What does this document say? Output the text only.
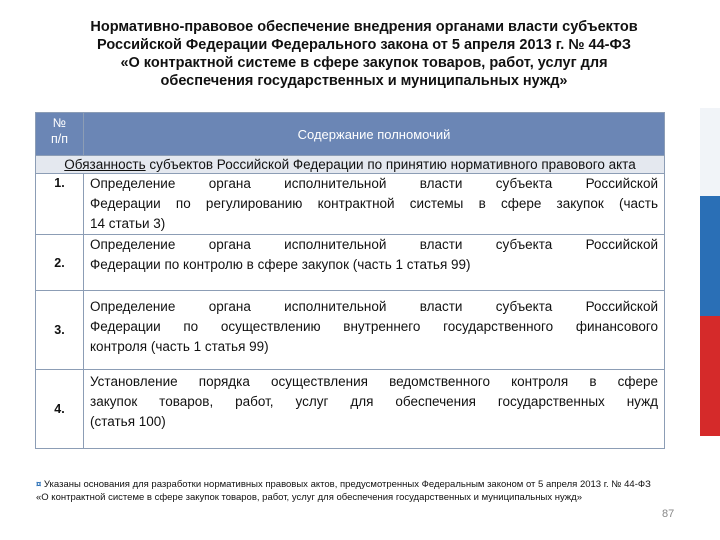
Нормативно-правовое обеспечение внедрения органами власти субъектов
Российской Федерации Федерального закона от 5 апреля 2013 г. № 44-ФЗ
«О контрактной системе в сфере закупок товаров, работ, услуг для
обеспечения государственных и муниципальных нужд»
№
п/п	Содержание полномочий
Обязанность субъектов Российской Федерации по принятию нормативного правового акта	
1.	Определение органа исполнительной власти субъекта Российской
Федерации по регулированию контрактной системы в сфере закупок (часть
14 статьи 3)

2.	Определение органа исполнительной власти субъекта Российской
Федерации по контролю в сфере закупок (часть 1 статья 99)

3.	Определение органа исполнительной власти субъекта Российской
Федерации по осуществлению внутреннего государственного финансового
контроля (часть 1 статья 99)

4.	Установление порядка осуществления ведомственного контроля в сфере
закупок товаров, работ, услуг для обеспечения государственных нужд
(статья 100)
¤ Указаны основания для разработки нормативных правовых актов, предусмотренных Федеральным законом от 5 апреля 2013 г. № 44-ФЗ «О контрактной системе в сфере закупок товаров, работ, услуг для обеспечения государственных и муниципальных нужд»
87
